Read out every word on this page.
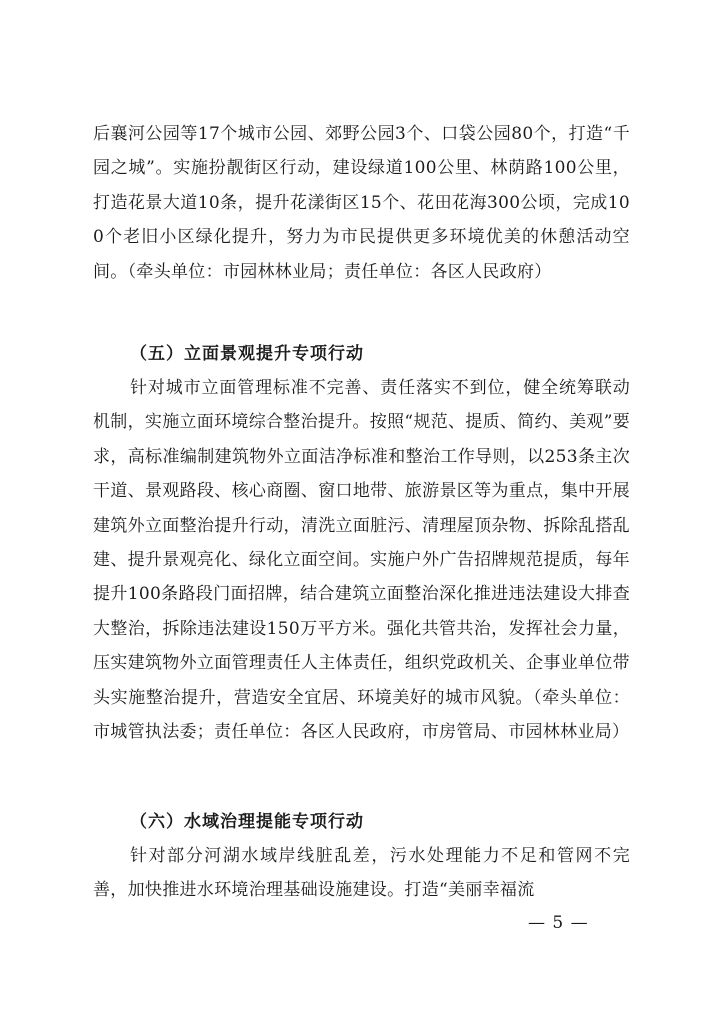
后襄河公园等17个城市公园、郊野公园3个、口袋公园80个，打造“千园之城”。实施扮靓街区行动，建设绿道100公里、林荫路100公里，打造花景大道10条，提升花漾街区15个、花田花海300公顷，完成100个老旧小区绿化提升，努力为市民提供更多环境优美的休憩活动空间。（牵头单位：市园林林业局；责任单位：各区人民政府）

（五）立面景观提升专项行动

针对城市立面管理标准不完善、责任落实不到位，健全统筹联动机制，实施立面环境综合整治提升。按照“规范、提质、简约、美观”要求，高标准编制建筑物外立面洁净标准和整治工作导则，以253条主次干道、景观路段、核心商圈、窗口地带、旅游景区等为重点，集中开展建筑外立面整治提升行动，清洗立面脏污、清理屋顶杂物、拆除乱搭乱建、提升景观亮化、绿化立面空间。实施户外广告招牌规范提质，每年提升100条路段门面招牌，结合建筑立面整治深化推进违法建设大排查大整治，拆除违法建设150万平方米。强化共管共治，发挥社会力量，压实建筑物外立面管理责任人主体责任，组织党政机关、企事业单位带头实施整治提升，营造安全宜居、环境美好的城市风貌。（牵头单位：市城管执法委；责任单位：各区人民政府，市房管局、市园林林业局）

（六）水域治理提能专项行动

针对部分河湖水域岸线脏乱差，污水处理能力不足和管网不完善，加快推进水环境治理基础设施建设。打造“美丽幸福流

— 5 —
